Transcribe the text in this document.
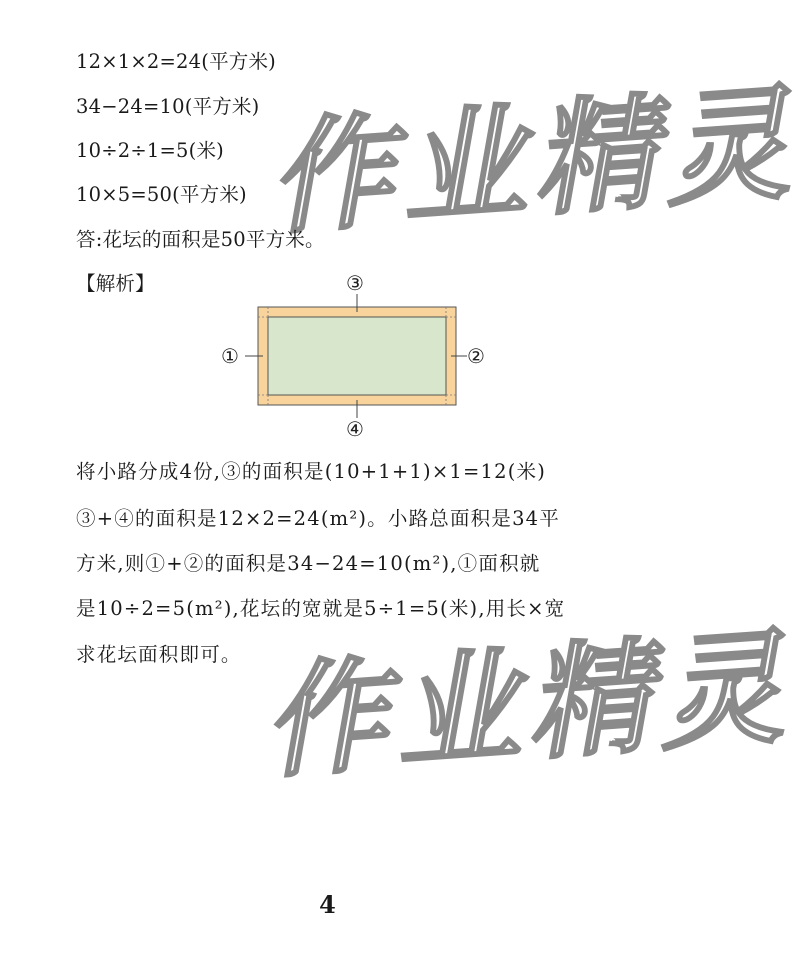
作业精灵
作业精灵
12×1×2=24(平方米)
34−24=10(平方米)
10÷2÷1=5(米)
10×5=50(平方米)
答:花坛的面积是50平方米。
【解析】	③
④
①	②
将小路分成4份,③的面积是(10+1+1)×1=12(米)
③+④的面积是12×2=24(m²)。小路总面积是34平
方米,则①+②的面积是34−24=10(m²),①面积就
是10÷2=5(m²),花坛的宽就是5÷1=5(米),用长×宽
求花坛面积即可。
4
